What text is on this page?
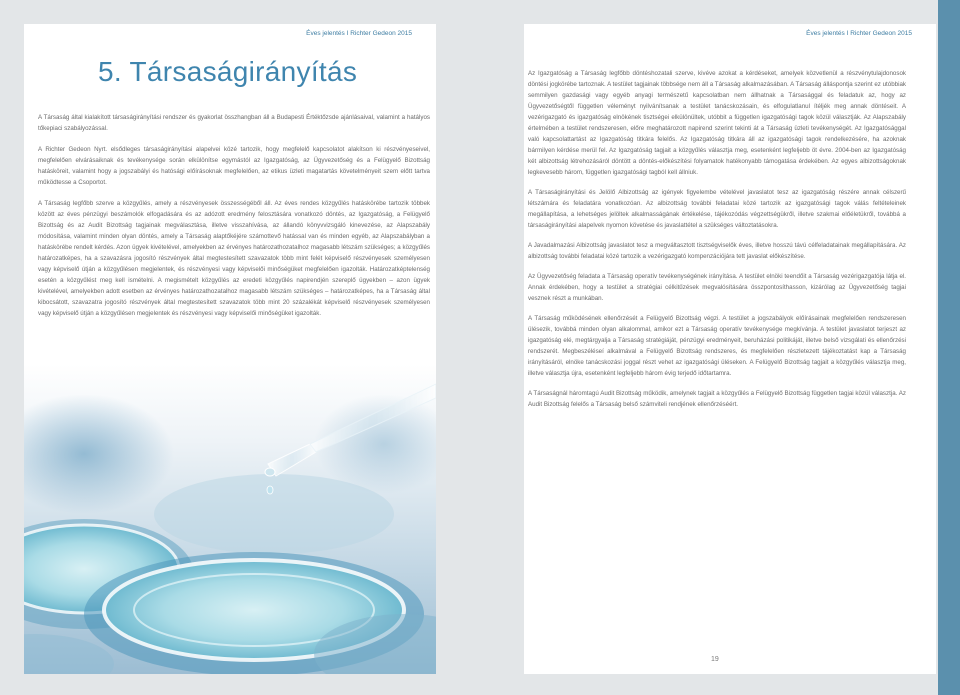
Éves jelentés I Richter Gedeon 2015
5. Társaságirányítás

A Társaság által kialakított társaságirányítási rendszer és gyakorlat összhangban áll a Budapesti Értéktőzsde ajánlásaival, valamint a hatályos tőkepiaci szabályozással.

A Richter Gedeon Nyrt. elsődleges társaságirányítási alapelvei közé tartozik, hogy megfelelő kapcsolatot alakítson ki részvényeseivel, megfelelően elvárásaiknak és tevékenysége során elkülönítse egymástól az Igazgatóság, az Ügyvezetőség és a Felügyelő Bizottság hatásköreit, valamint hogy a jogszabályi és hatósági előírásoknak megfelelően, az etikus üzleti magatartás követelményeit szem előtt tartva működtesse a Csoportot.

A Társaság legfőbb szerve a közgyűlés, amely a részvényesek összességéből áll. Az éves rendes közgyűlés hatáskörébe tartozik többek között az éves pénzügyi beszámolók elfogadására és az adózott eredmény felosztására vonatkozó döntés, az Igazgatóság, a Felügyelő Bizottság és az Audit Bizottság tagjainak megválasztása, illetve visszahívása, az állandó könyvvizsgáló kinevezése, az Alapszabály módosítása, valamint minden olyan döntés, amely a Társaság alaptőkéjére számottevő hatással van és minden egyéb, az Alapszabályban a hatáskörébe rendelt kérdés. Azon ügyek kivételével, amelyekben az érvényes határozathozatalhoz magasabb létszám szükséges; a közgyűlés határozatképes, ha a szavazásra jogosító részvények által megtestesített szavazatok több mint felét képviselő részvényesek személyesen vagy képviselő útján a közgyűlésen megjelentek, és részvényesi vagy képviselői minőségüket megfelelően igazolták. Határozatképtelenség esetén a közgyűlést meg kell ismételni. A megismételt közgyűlés az eredeti közgyűlés napirendjén szereplő ügyekben – azon ügyek kivételével, amelyekben adott esetben az érvényes határozathozatalhoz magasabb létszám szükséges – határozatképes, ha a Társaság által kibocsátott, szavazatra jogosító részvények által megtestesített szavazatok több mint 20 százalékát képviselő részvényesek személyesen vagy képviselő útján a közgyűlésen megjelentek és részvényesi vagy képviselői minőségüket igazolták.

Éves jelentés I Richter Gedeon 2015

Az Igazgatóság a Társaság legfőbb döntéshozatali szerve, kivéve azokat a kérdéseket, amelyek közvetlenül a részvénytulajdonosok döntési jogkörébe tartoznak. A testület tagjainak többsége nem áll a Társaság alkalmazásában. A Társaság álláspontja szerint ez utóbbiak semmilyen gazdasági vagy egyéb anyagi természetű kapcsolatban nem állhatnak a Társasággal és feladatuk az, hogy az Ügyvezetőségtől független véleményt nyilvánítsanak a testület tanácskozásain, és elfogulatlanul ítéljék meg annak döntéseit. A vezérigazgató és igazgatóság elnökének tisztségei elkülönültek, utóbbit a független igazgatósági tagok közül választják. Az Alapszabály értelmében a testület rendszeresen, előre meghatározott napirend szerint tekinti át a Társaság üzleti tevékenységét. Az Igazgatósággal való kapcsolattartást az Igazgatóság titkára felelős. Az Igazgatóság titkára áll az igazgatósági tagok rendelkezésére, ha azoknak bármilyen kérdése merül fel. Az Igazgatóság tagjait a közgyűlés választja meg, esetenként legfeljebb öt évre. 2004-ben az Igazgatóság két albizottság létrehozásáról döntött a döntés-előkészítési folyamatok hatékonyabb támogatása érdekében. Az egyes albizottságoknak legkevesebb három, független igazgatósági tagból kell állniuk.

A Társaságirányítási és Jelölő Albizottság az igények figyelembe vételével javaslatot tesz az igazgatóság részére annak célszerű létszámára és feladatára vonatkozóan. Az albizottság további feladatai közé tartozik az igazgatósági tagok válás feltételeinek megállapítása, a lehetséges jelöltek alkalmasságának értékelése, tájékozódás végzettségükről, illetve szakmai előéletükről, továbbá a társaságirányítási alapelvek nyomon követése és javaslattétel a szükséges változtatásokra.

A Javadalmazási Albizottság javaslatot tesz a megváltasztott tisztségviselők éves, illetve hosszú távú célfeladatainak megállapítására. Az albizottság további feladatai közé tartozik a vezérigazgató kompenzációjára tett javaslat előkészítése.

Az Ügyvezetőség feladata a Társaság operatív tevékenységének irányítása. A testület elnöki teendőit a Társaság vezérigazgatója látja el. Annak érdekében, hogy a testület a stratégiai célkitűzések megvalósítására összpontosíthasson, kizárólag az Ügyvezetőség tagjai vesznek részt a munkában.

A Társaság működésének ellenőrzését a Felügyelő Bizottság végzi. A testület a jogszabályok előírásainak megfelelően rendszeresen ülésezik, továbbá minden olyan alkalommal, amikor ezt a Társaság operatív tevékenysége megkívánja. A testület javaslatot terjeszt az igazgatóság elé, megtárgyalja a Társaság stratégiáját, pénzügyi eredményeit, beruházási politikáját, illetve belső vizsgálati és ellenőrzési rendszerét. Megbeszéléseí alkalmával a Felügyelő Bizottság rendszeres, és megfelelően részletezett tájékoztatást kap a Társaság irányításáról, elnöke tanácskozási joggal részt vehet az igazgatósági üléseken. A Felügyelő Bizottság tagjait a közgyűlés választja meg, illetve választja újra, esetenként legfeljebb három évig terjedő időtartamra.

A Társaságnál háromtagú Audit Bizottság működik, amelynek tagjait a közgyűlés a Felügyelő Bizottság független tagjai közül választja. Az Audit Bizottság felelős a Társaság belső számviteli rendjének ellenőrzéséért.

19
